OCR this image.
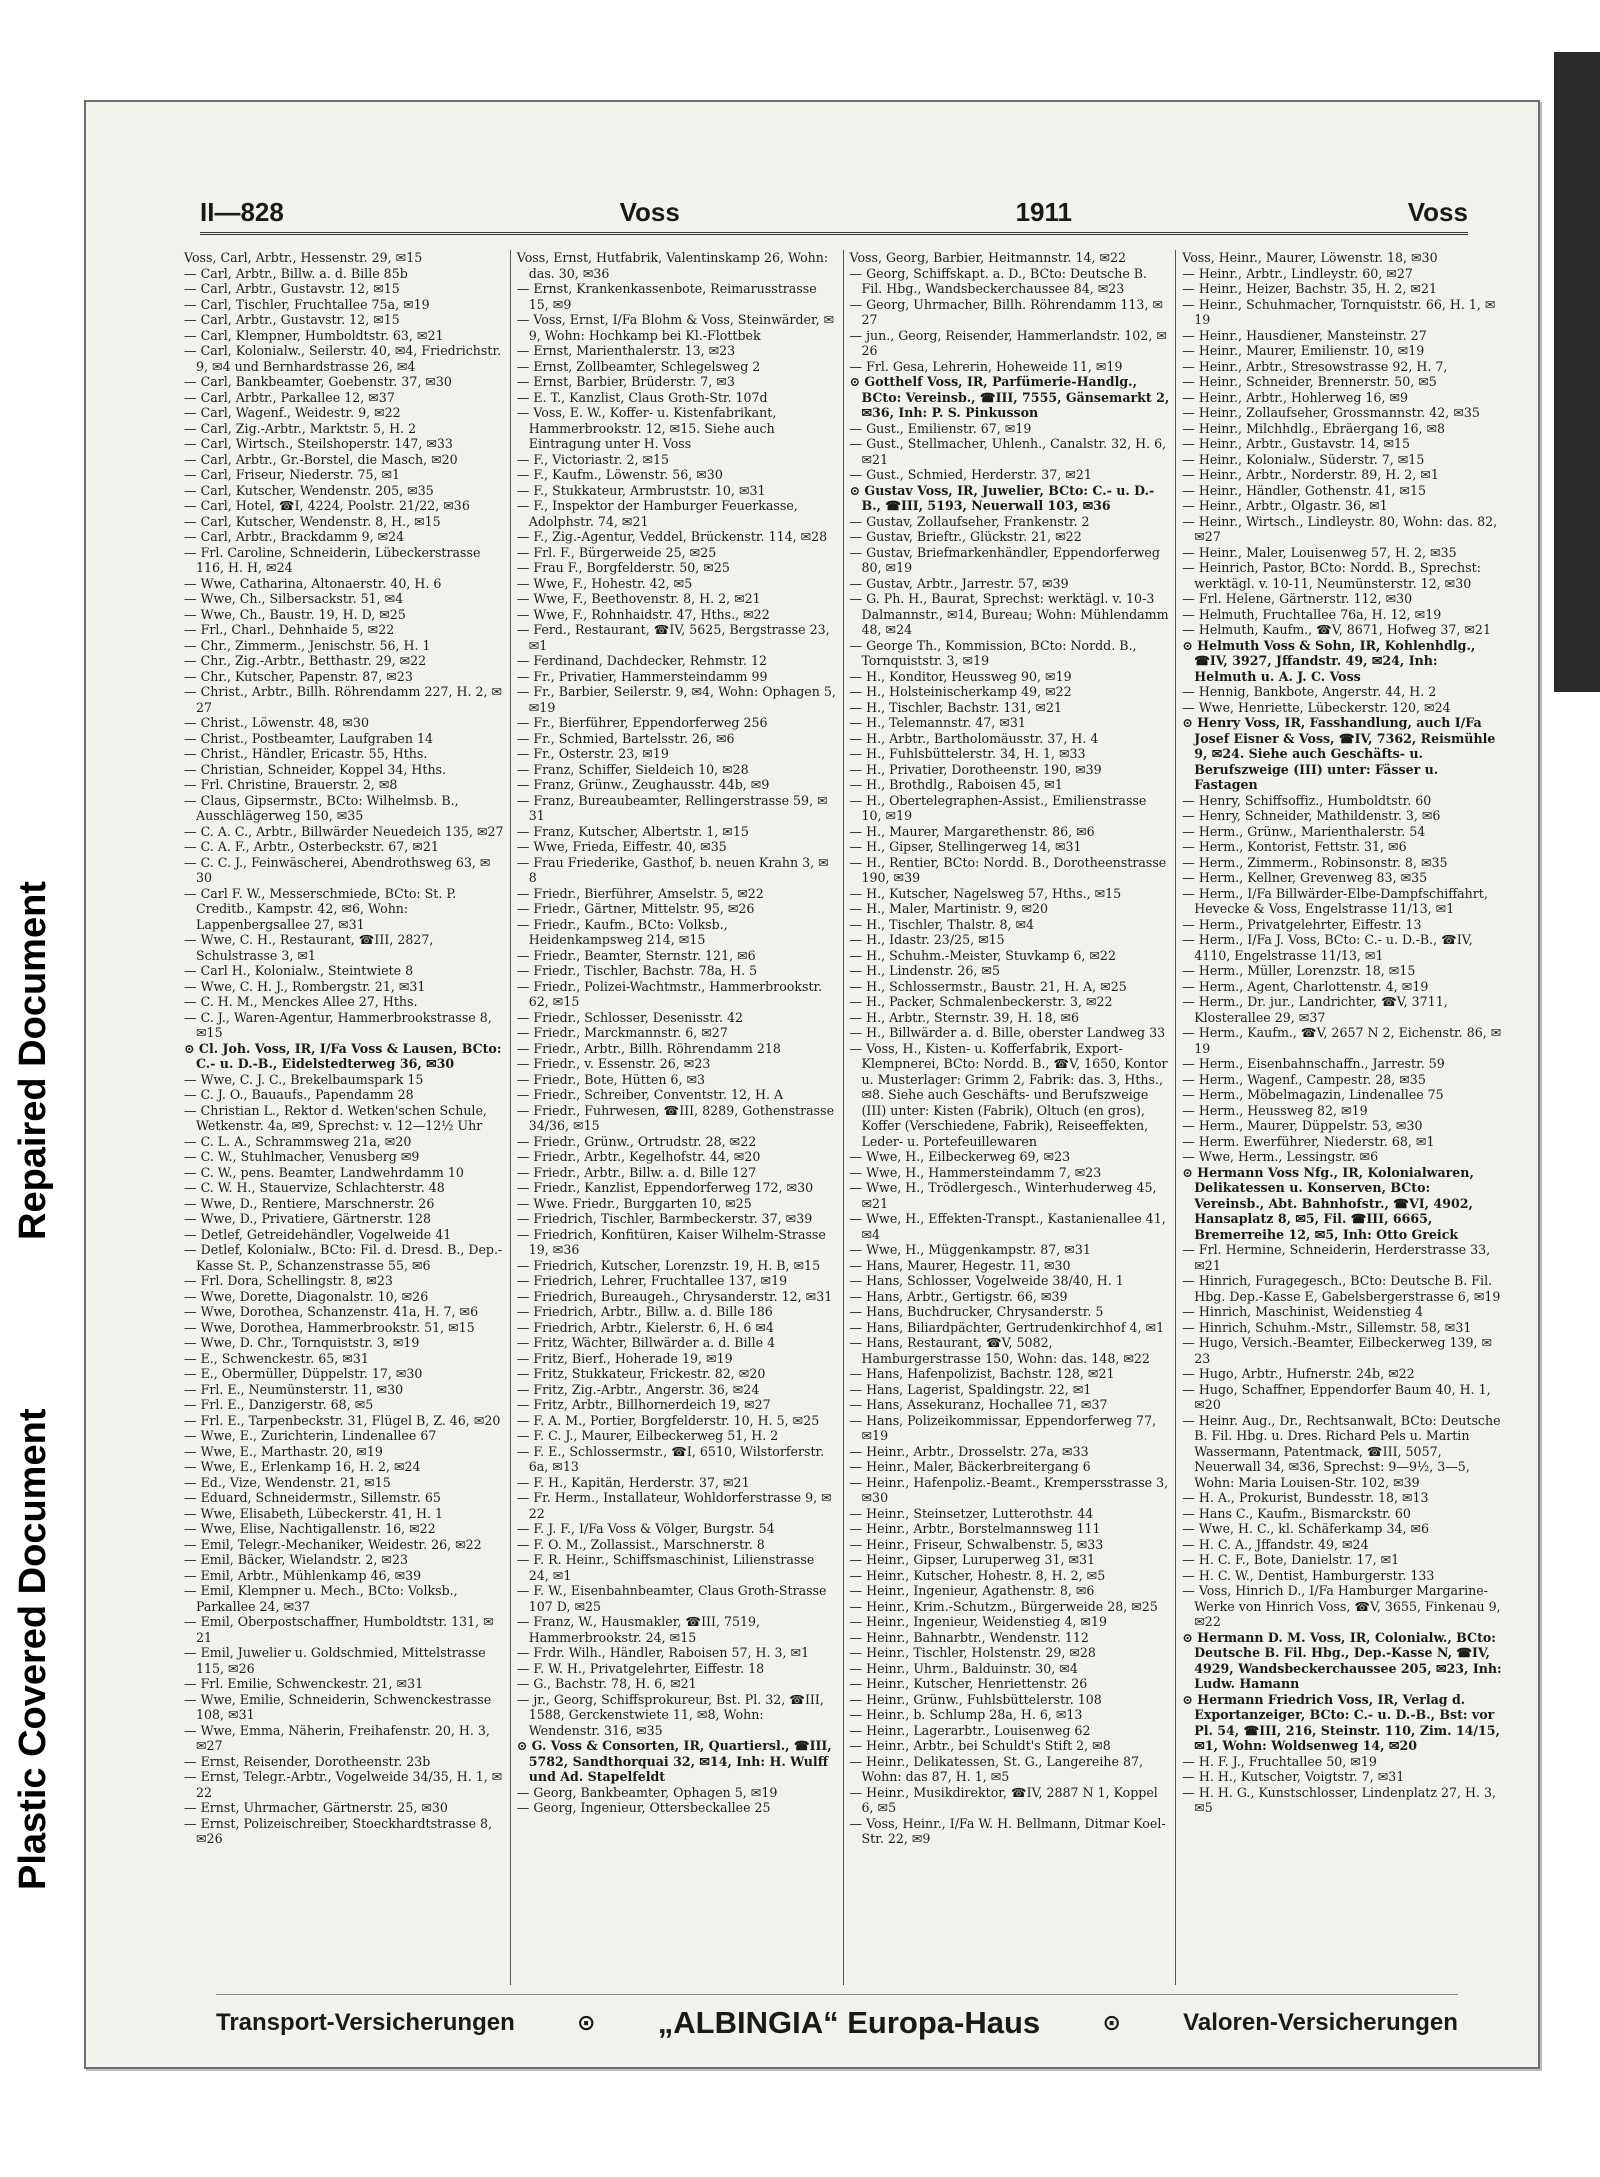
Repaired Document
Plastic Covered Document
II—828	Voss	1911	Voss

Voss, Carl, Arbtr., Hessenstr. 29, ✉15

— Carl, Arbtr., Billw. a. d. Bille 85b

— Carl, Arbtr., Gustavstr. 12, ✉15

— Carl, Tischler, Fruchtallee 75a, ✉19

— Carl, Arbtr., Gustavstr. 12, ✉15

— Carl, Klempner, Humboldtstr. 63, ✉21

— Carl, Kolonialw., Seilerstr. 40, ✉4, Friedrichstr. 9, ✉4 und Bernhardstrasse 26, ✉4

— Carl, Bankbeamter, Goebenstr. 37, ✉30

— Carl, Arbtr., Parkallee 12, ✉37

— Carl, Wagenf., Weidestr. 9, ✉22

— Carl, Zig.-Arbtr., Marktstr. 5, H. 2

— Carl, Wirtsch., Steilshoperstr. 147, ✉33

— Carl, Arbtr., Gr.-Borstel, die Masch, ✉20

— Carl, Friseur, Niederstr. 75, ✉1

— Carl, Kutscher, Wendenstr. 205, ✉35

— Carl, Hotel, ☎I, 4224, Poolstr. 21/22, ✉36

— Carl, Kutscher, Wendenstr. 8, H., ✉15

— Carl, Arbtr., Brackdamm 9, ✉24

— Frl. Caroline, Schneiderin, Lübeckerstrasse 116, H. H, ✉24

— Wwe, Catharina, Altonaerstr. 40, H. 6

— Wwe, Ch., Silbersackstr. 51, ✉4

— Wwe, Ch., Baustr. 19, H. D, ✉25

— Frl., Charl., Dehnhaide 5, ✉22

— Chr., Zimmerm., Jenischstr. 56, H. 1

— Chr., Zig.-Arbtr., Betthastr. 29, ✉22

— Chr., Kutscher, Papenstr. 87, ✉23

— Christ., Arbtr., Billh. Röhrendamm 227, H. 2, ✉27

— Christ., Löwenstr. 48, ✉30

— Christ., Postbeamter, Laufgraben 14

— Christ., Händler, Ericastr. 55, Hths.

— Christian, Schneider, Koppel 34, Hths.

— Frl. Christine, Brauerstr. 2, ✉8

— Claus, Gipsermstr., BCto: Wilhelmsb. B., Ausschlägerweg 150, ✉35

— C. A. C., Arbtr., Billwärder Neuedeich 135, ✉27

— C. A. F., Arbtr., Osterbeckstr. 67, ✉21

— C. C. J., Feinwäscherei, Abendrothsweg 63, ✉30

— Carl F. W., Messerschmiede, BCto: St. P. Creditb., Kampstr. 42, ✉6, Wohn: Lappenbergsallee 27, ✉31

— Wwe, C. H., Restaurant, ☎III, 2827, Schulstrasse 3, ✉1

— Carl H., Kolonialw., Steintwiete 8

— Wwe, C. H. J., Rombergstr. 21, ✉31

— C. H. M., Menckes Allee 27, Hths.

— C. J., Waren-Agentur, Hammerbrookstrasse 8, ✉15

⊙ Cl. Joh. Voss, IR, I/Fa Voss & Lausen, BCto: C.- u. D.-B., Eidelstedterweg 36, ✉30

— Wwe, C. J. C., Brekelbaumspark 15

— C. J. O., Bauaufs., Papendamm 28

— Christian L., Rektor d. Wetken'schen Schule, Wetkenstr. 4a, ✉9, Sprechst: v. 12—12½ Uhr

— C. L. A., Schrammsweg 21a, ✉20

— C. W., Stuhlmacher, Venusberg ✉9

— C. W., pens. Beamter, Landwehrdamm 10

— C. W. H., Stauervize, Schlachterstr. 48

— Wwe, D., Rentiere, Marschnerstr. 26

— Wwe, D., Privatiere, Gärtnerstr. 128

— Detlef, Getreidehändler, Vogelweide 41

— Detlef, Kolonialw., BCto: Fil. d. Dresd. B., Dep.-Kasse St. P., Schanzenstrasse 55, ✉6

— Frl. Dora, Schellingstr. 8, ✉23

— Wwe, Dorette, Diagonalstr. 10, ✉26

— Wwe, Dorothea, Schanzenstr. 41a, H. 7, ✉6

— Wwe, Dorothea, Hammerbrookstr. 51, ✉15

— Wwe, D. Chr., Tornquiststr. 3, ✉19

— E., Schwenckestr. 65, ✉31

— E., Obermüller, Düppelstr. 17, ✉30

— Frl. E., Neumünsterstr. 11, ✉30

— Frl. E., Danzigerstr. 68, ✉5

— Frl. E., Tarpenbeckstr. 31, Flügel B, Z. 46, ✉20

— Wwe, E., Zurichterin, Lindenallee 67

— Wwe, E., Marthastr. 20, ✉19

— Wwe, E., Erlenkamp 16, H. 2, ✉24

— Ed., Vize, Wendenstr. 21, ✉15

— Eduard, Schneidermstr., Sillemstr. 65

— Wwe, Elisabeth, Lübeckerstr. 41, H. 1

— Wwe, Elise, Nachtigallenstr. 16, ✉22

— Emil, Telegr.-Mechaniker, Weidestr. 26, ✉22

— Emil, Bäcker, Wielandstr. 2, ✉23

— Emil, Arbtr., Mühlenkamp 46, ✉39

— Emil, Klempner u. Mech., BCto: Volksb., Parkallee 24, ✉37

— Emil, Oberpostschaffner, Humboldtstr. 131, ✉21

— Emil, Juwelier u. Goldschmied, Mittelstrasse 115, ✉26

— Frl. Emilie, Schwenckestr. 21, ✉31

— Wwe, Emilie, Schneiderin, Schwenckestrasse 108, ✉31

— Wwe, Emma, Näherin, Freihafenstr. 20, H. 3, ✉27

— Ernst, Reisender, Dorotheenstr. 23b

— Ernst, Telegr.-Arbtr., Vogelweide 34/35, H. 1, ✉22

— Ernst, Uhrmacher, Gärtnerstr. 25, ✉30

— Ernst, Polizeischreiber, Stoeckhardtstrasse 8, ✉26

Voss, Ernst, Hutfabrik, Valentinskamp 26, Wohn: das. 30, ✉36

— Ernst, Krankenkassenbote, Reimarusstrasse 15, ✉9

— Voss, Ernst, I/Fa Blohm & Voss, Steinwärder, ✉9, Wohn: Hochkamp bei Kl.-Flottbek

— Ernst, Marienthalerstr. 13, ✉23

— Ernst, Zollbeamter, Schlegelsweg 2

— Ernst, Barbier, Brüderstr. 7, ✉3

— E. T., Kanzlist, Claus Groth-Str. 107d

— Voss, E. W., Koffer- u. Kistenfabrikant, Hammerbrookstr. 12, ✉15. Siehe auch Eintragung unter H. Voss

— F., Victoriastr. 2, ✉15

— F., Kaufm., Löwenstr. 56, ✉30

— F., Stukkateur, Armbruststr. 10, ✉31

— F., Inspektor der Hamburger Feuerkasse, Adolphstr. 74, ✉21

— F., Zig.-Agentur, Veddel, Brückenstr. 114, ✉28

— Frl. F., Bürgerweide 25, ✉25

— Frau F., Borgfelderstr. 50, ✉25

— Wwe, F., Hohestr. 42, ✉5

— Wwe, F., Beethovenstr. 8, H. 2, ✉21

— Wwe, F., Rohnhaidstr. 47, Hths., ✉22

— Ferd., Restaurant, ☎IV, 5625, Bergstrasse 23, ✉1

— Ferdinand, Dachdecker, Rehmstr. 12

— Fr., Privatier, Hammersteindamm 99

— Fr., Barbier, Seilerstr. 9, ✉4, Wohn: Ophagen 5, ✉19

— Fr., Bierführer, Eppendorferweg 256

— Fr., Schmied, Bartelsstr. 26, ✉6

— Fr., Osterstr. 23, ✉19

— Franz, Schiffer, Sieldeich 10, ✉28

— Franz, Grünw., Zeughausstr. 44b, ✉9

— Franz, Bureaubeamter, Rellingerstrasse 59, ✉31

— Franz, Kutscher, Albertstr. 1, ✉15

— Wwe, Frieda, Eiffestr. 40, ✉35

— Frau Friederike, Gasthof, b. neuen Krahn 3, ✉8

— Friedr., Bierführer, Amselstr. 5, ✉22

— Friedr., Gärtner, Mittelstr. 95, ✉26

— Friedr., Kaufm., BCto: Volksb., Heidenkampsweg 214, ✉15

— Friedr., Beamter, Sternstr. 121, ✉6

— Friedr., Tischler, Bachstr. 78a, H. 5

— Friedr., Polizei-Wachtmstr., Hammerbrookstr. 62, ✉15

— Friedr., Schlosser, Desenisstr. 42

— Friedr., Marckmannstr. 6, ✉27

— Friedr., Arbtr., Billh. Röhrendamm 218

— Friedr., v. Essenstr. 26, ✉23

— Friedr., Bote, Hütten 6, ✉3

— Friedr., Schreiber, Conventstr. 12, H. A

— Friedr., Fuhrwesen, ☎III, 8289, Gothenstrasse 34/36, ✉15

— Friedr., Grünw., Ortrudstr. 28, ✉22

— Friedr., Arbtr., Kegelhofstr. 44, ✉20

— Friedr., Arbtr., Billw. a. d. Bille 127

— Friedr., Kanzlist, Eppendorferweg 172, ✉30

— Wwe. Friedr., Burggarten 10, ✉25

— Friedrich, Tischler, Barmbeckerstr. 37, ✉39

— Friedrich, Konfitüren, Kaiser Wilhelm-Strasse 19, ✉36

— Friedrich, Kutscher, Lorenzstr. 19, H. B, ✉15

— Friedrich, Lehrer, Fruchtallee 137, ✉19

— Friedrich, Bureaugeh., Chrysanderstr. 12, ✉31

— Friedrich, Arbtr., Billw. a. d. Bille 186

— Friedrich, Arbtr., Kielerstr. 6, H. 6 ✉4

— Fritz, Wächter, Billwärder a. d. Bille 4

— Fritz, Bierf., Hoheradе 19, ✉19

— Fritz, Stukkateur, Frickestr. 82, ✉20

— Fritz, Zig.-Arbtr., Angerstr. 36, ✉24

— Fritz, Arbtr., Billhornerdeich 19, ✉27

— F. A. M., Portier, Borgfelderstr. 10, H. 5, ✉25

— F. C. J., Maurer, Eilbeckerweg 51, H. 2

— F. E., Schlossermstr., ☎I, 6510, Wilstorferstr. 6a, ✉13

— F. H., Kapitän, Herderstr. 37, ✉21

— Fr. Herm., Installateur, Wohldorferstrasse 9, ✉22

— F. J. F., I/Fa Voss & Völger, Burgstr. 54

— F. O. M., Zollassist., Marschnerstr. 8

— F. R. Heinr., Schiffsmaschinist, Lilienstrasse 24, ✉1

— F. W., Eisenbahnbeamter, Claus Groth-Strasse 107 D, ✉25

— Franz, W., Hausmakler, ☎III, 7519, Hammerbrookstr. 24, ✉15

— Frdr. Wilh., Händler, Raboisen 57, H. 3, ✉1

— F. W. H., Privatgelehrter, Eiffestr. 18

— G., Bachstr. 78, H. 6, ✉21

— jr., Georg, Schiffsprokureur, Bst. Pl. 32, ☎III, 1588, Gerckenstwiete 11, ✉8, Wohn: Wendenstr. 316, ✉35

⊙ G. Voss & Consorten, IR, Quartiersl., ☎III, 5782, Sandthorquai 32, ✉14, Inh: H. Wulff und Ad. Stapelfeldt

— Georg, Bankbeamter, Ophagen 5, ✉19

— Georg, Ingenieur, Ottersbeckallee 25

Voss, Georg, Barbier, Heitmannstr. 14, ✉22

— Georg, Schiffskapt. a. D., BCto: Deutsche B. Fil. Hbg., Wandsbeckerchaussee 84, ✉23

— Georg, Uhrmacher, Billh. Röhrendamm 113, ✉27

— jun., Georg, Reisender, Hammerlandstr. 102, ✉26

— Frl. Gesa, Lehrerin, Hoheweide 11, ✉19

⊙ Gotthelf Voss, IR, Parfümerie-Handlg., BCto: Vereinsb., ☎III, 7555, Gänsemarkt 2, ✉36, Inh: P. S. Pinkusson

— Gust., Emilienstr. 67, ✉19

— Gust., Stellmacher, Uhlenh., Canalstr. 32, H. 6, ✉21

— Gust., Schmied, Herderstr. 37, ✉21

⊙ Gustav Voss, IR, Juwelier, BCto: C.- u. D.-B., ☎III, 5193, Neuerwall 103, ✉36

— Gustav, Zollaufseher, Frankenstr. 2

— Gustav, Brieftr., Glückstr. 21, ✉22

— Gustav, Briefmarkenhändler, Eppendorferweg 80, ✉19

— Gustav, Arbtr., Jarrestr. 57, ✉39

— G. Ph. H., Baurat, Sprechst: werktägl. v. 10-3 Dalmannstr., ✉14, Bureau; Wohn: Mühlendamm 48, ✉24

— George Th., Kommission, BCto: Nordd. B., Tornquiststr. 3, ✉19

— H., Konditor, Heussweg 90, ✉19

— H., Holsteinischerkamp 49, ✉22

— H., Tischler, Bachstr. 131, ✉21

— H., Telemannstr. 47, ✉31

— H., Arbtr., Bartholomäusstr. 37, H. 4

— H., Fuhlsbüttelerstr. 34, H. 1, ✉33

— H., Privatier, Dorotheenstr. 190, ✉39

— H., Brothdlg., Raboisen 45, ✉1

— H., Obertelegraphen-Assist., Emilienstrasse 10, ✉19

— H., Maurer, Margarethenstr. 86, ✉6

— H., Gipser, Stellingerweg 14, ✉31

— H., Rentier, BCto: Nordd. B., Dorotheenstrasse 190, ✉39

— H., Kutscher, Nagelsweg 57, Hths., ✉15

— H., Maler, Martinistr. 9, ✉20

— H., Tischler, Thalstr. 8, ✉4

— H., Idastr. 23/25, ✉15

— H., Schuhm.-Meister, Stuvkamp 6, ✉22

— H., Lindenstr. 26, ✉5

— H., Schlossermstr., Baustr. 21, H. A, ✉25

— H., Packer, Schmalenbeckerstr. 3, ✉22

— H., Arbtr., Sternstr. 39, H. 18, ✉6

— H., Billwärder a. d. Bille, oberster Landweg 33

— Voss, H., Kisten- u. Kofferfabrik, Export-Klempnerei, BCto: Nordd. B., ☎V, 1650, Kontor u. Musterlager: Grimm 2, Fabrik: das. 3, Hths., ✉8. Siehe auch Geschäfts- und Berufszweige (III) unter: Kisten (Fabrik), Oltuch (en gros), Koffer (Verschiedene, Fabrik), Reiseeffekten, Leder- u. Portefeuillewaren

— Wwe, H., Eilbeckerweg 69, ✉23

— Wwe, H., Hammersteindamm 7, ✉23

— Wwe, H., Trödlergesch., Winterhuderweg 45, ✉21

— Wwe, H., Effekten-Transpt., Kastanienallee 41, ✉4

— Wwe, H., Müggenkampstr. 87, ✉31

— Hans, Maurer, Hegestr. 11, ✉30

— Hans, Schlosser, Vogelweide 38/40, H. 1

— Hans, Arbtr., Gertigstr. 66, ✉39

— Hans, Buchdrucker, Chrysanderstr. 5

— Hans, Biliardpächter, Gertrudenkirchhof 4, ✉1

— Hans, Restaurant, ☎V, 5082, Hamburgerstrasse 150, Wohn: das. 148, ✉22

— Hans, Hafenpolizist, Bachstr. 128, ✉21

— Hans, Lagerist, Spaldingstr. 22, ✉1

— Hans, Assekuranz, Hochallee 71, ✉37

— Hans, Polizeikommissar, Eppendorferweg 77, ✉19

— Heinr., Arbtr., Drosselstr. 27a, ✉33

— Heinr., Maler, Bäckerbreitergang 6

— Heinr., Hafenpoliz.-Beamt., Krempersstrasse 3, ✉30

— Heinr., Steinsetzer, Lutterothstr. 44

— Heinr., Arbtr., Borstelmannsweg 111

— Heinr., Friseur, Schwalbenstr. 5, ✉33

— Heinr., Gipser, Luruperweg 31, ✉31

— Heinr., Kutscher, Hohestr. 8, H. 2, ✉5

— Heinr., Ingenieur, Agathenstr. 8, ✉6

— Heinr., Krim.-Schutzm., Bürgerweide 28, ✉25

— Heinr., Ingenieur, Weidenstieg 4, ✉19

— Heinr., Bahnarbtr., Wendenstr. 112

— Heinr., Tischler, Holstenstr. 29, ✉28

— Heinr., Uhrm., Balduinstr. 30, ✉4

— Heinr., Kutscher, Henriettenstr. 26

— Heinr., Grünw., Fuhlsbüttelerstr. 108

— Heinr., b. Schlump 28a, H. 6, ✉13

— Heinr., Lagerarbtr., Louisenweg 62

— Heinr., Arbtr., bei Schuldt's Stift 2, ✉8

— Heinr., Delikatessen, St. G., Langereihe 87, Wohn: das 87, H. 1, ✉5

— Heinr., Musikdirektor, ☎IV, 2887 N 1, Koppel 6, ✉5

— Voss, Heinr., I/Fa W. H. Bellmann, Ditmar Koel-Str. 22, ✉9

Voss, Heinr., Maurer, Löwenstr. 18, ✉30

— Heinr., Arbtr., Lindleystr. 60, ✉27

— Heinr., Heizer, Bachstr. 35, H. 2, ✉21

— Heinr., Schuhmacher, Tornquiststr. 66, H. 1, ✉19

— Heinr., Hausdiener, Mansteinstr. 27

— Heinr., Maurer, Emilienstr. 10, ✉19

— Heinr., Arbtr., Stresowstrasse 92, H. 7,

— Heinr., Schneider, Brennerstr. 50, ✉5

— Heinr., Arbtr., Hohlerweg 16, ✉9

— Heinr., Zollaufseher, Grossmannstr. 42, ✉35

— Heinr., Milchhdlg., Ebräergang 16, ✉8

— Heinr., Arbtr., Gustavstr. 14, ✉15

— Heinr., Kolonialw., Süderstr. 7, ✉15

— Heinr., Arbtr., Norderstr. 89, H. 2, ✉1

— Heinr., Händler, Gothenstr. 41, ✉15

— Heinr., Arbtr., Olgastr. 36, ✉1

— Heinr., Wirtsch., Lindleystr. 80, Wohn: das. 82, ✉27

— Heinr., Maler, Louisenweg 57, H. 2, ✉35

— Heinrich, Pastor, BCto: Nordd. B., Sprechst: werktägl. v. 10-11, Neumünsterstr. 12, ✉30

— Frl. Helene, Gärtnerstr. 112, ✉30

— Helmuth, Fruchtallee 76a, H. 12, ✉19

— Helmuth, Kaufm., ☎V, 8671, Hofweg 37, ✉21

⊙ Helmuth Voss & Sohn, IR, Kohlenhdlg., ☎IV, 3927, Jffandstr. 49, ✉24, Inh: Helmuth u. A. J. C. Voss

— Hennig, Bankbote, Angerstr. 44, H. 2

— Wwe, Henriette, Lübeckerstr. 120, ✉24

⊙ Henry Voss, IR, Fasshandlung, auch I/Fa Josef Eisner & Voss, ☎IV, 7362, Reismühle 9, ✉24. Siehe auch Geschäfts- u. Berufszweige (III) unter: Fässer u. Fastagen

— Henry, Schiffsoffiz., Humboldtstr. 60

— Henry, Schneider, Mathildenstr. 3, ✉6

— Herm., Grünw., Marienthalerstr. 54

— Herm., Kontorist, Fettstr. 31, ✉6

— Herm., Zimmerm., Robinsonstr. 8, ✉35

— Herm., Kellner, Grevenweg 83, ✉35

— Herm., I/Fa Billwärder-Elbe-Dampfschiffahrt, Hevecke & Voss, Engelstrasse 11/13, ✉1

— Herm., Privatgelehrter, Eiffestr. 13

— Herm., I/Fa J. Voss, BCto: C.- u. D.-B., ☎IV, 4110, Engelstrasse 11/13, ✉1

— Herm., Müller, Lorenzstr. 18, ✉15

— Herm., Agent, Charlottenstr. 4, ✉19

— Herm., Dr. jur., Landrichter, ☎V, 3711, Klosterallee 29, ✉37

— Herm., Kaufm., ☎V, 2657 N 2, Eichenstr. 86, ✉19

— Herm., Eisenbahnschaffn., Jarrestr. 59

— Herm., Wagenf., Campestr. 28, ✉35

— Herm., Möbelmagazin, Lindenallee 75

— Herm., Heussweg 82, ✉19

— Herm., Maurer, Düppelstr. 53, ✉30

— Herm. Ewerführer, Niederstr. 68, ✉1

— Wwe, Herm., Lessingstr. ✉6

⊙ Hermann Voss Nfg., IR, Kolonialwaren, Delikatessen u. Konserven, BCto: Vereinsb., Abt. Bahnhofstr., ☎VI, 4902, Hansaplatz 8, ✉5, Fil. ☎III, 6665, Bremerreihe 12, ✉5, Inh: Otto Greick

— Frl. Hermine, Schneiderin, Herderstrasse 33, ✉21

— Hinrich, Furagegesch., BCto: Deutsche B. Fil. Hbg. Dep.-Kasse E, Gabelsbergerstrasse 6, ✉19

— Hinrich, Maschinist, Weidenstieg 4

— Hinrich, Schuhm.-Mstr., Sillemstr. 58, ✉31

— Hugo, Versich.-Beamter, Eilbeckerweg 139, ✉23

— Hugo, Arbtr., Hufnerstr. 24b, ✉22

— Hugo, Schaffner, Eppendorfer Baum 40, H. 1, ✉20

— Heinr. Aug., Dr., Rechtsanwalt, BCto: Deutsche B. Fil. Hbg. u. Dres. Richard Pels u. Martin Wassermann, Patentmack, ☎III, 5057, Neuerwall 34, ✉36, Sprechst: 9—9½, 3—5, Wohn: Maria Louisen-Str. 102, ✉39

— H. A., Prokurist, Bundesstr. 18, ✉13

— Hans C., Kaufm., Bismarckstr. 60

— Wwe, H. C., kl. Schäferkamp 34, ✉6

— H. C. A., Jffandstr. 49, ✉24

— H. C. F., Bote, Danielstr. 17, ✉1

— H. C. W., Dentist, Hamburgerstr. 133

— Voss, Hinrich D., I/Fa Hamburger Margarine-Werke von Hinrich Voss, ☎V, 3655, Finkenau 9, ✉22

⊙ Hermann D. M. Voss, IR, Colonialw., BCto: Deutsche B. Fil. Hbg., Dep.-Kasse N, ☎IV, 4929, Wandsbeckerchaussee 205, ✉23, Inh: Ludw. Hamann

⊙ Hermann Friedrich Voss, IR, Verlag d. Exportanzeiger, BCto: C.- u. D.-B., Bst: vor Pl. 54, ☎III, 216, Steinstr. 110, Zim. 14/15, ✉1, Wohn: Woldsenweg 14, ✉20

— H. F. J., Fruchtallee 50, ✉19

— H. H., Kutscher, Voigtstr. 7, ✉31

— H. H. G., Kunstschlosser, Lindenplatz 27, H. 3, ✉5

Transport-Versicherungen	⊙ „ALBINGIA“ Europa-Haus	⊙	Valoren-Versicherungen
